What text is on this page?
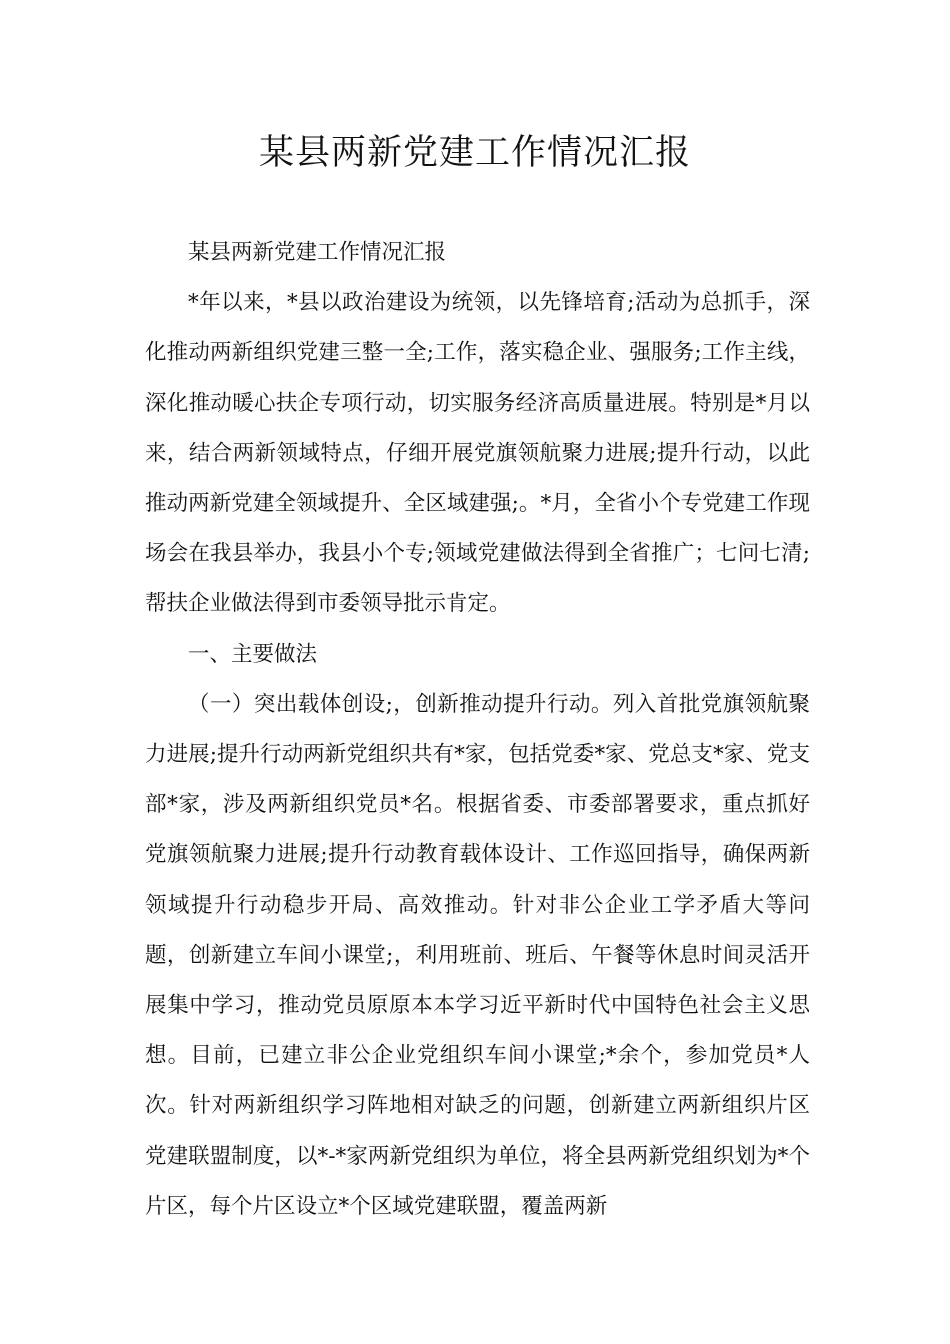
某县两新党建工作情况汇报

某县两新党建工作情况汇报

*年以来，*县以政治建设为统领，以先锋培育;活动为总抓手，深化推动两新组织党建三整一全;工作，落实稳企业、强服务;工作主线，深化推动暖心扶企专项行动，切实服务经济高质量进展。特别是*月以来，结合两新领域特点，仔细开展党旗领航聚力进展;提升行动，以此推动两新党建全领域提升、全区域建强;。*月，全省小个专党建工作现场会在我县举办，我县小个专;领域党建做法得到全省推广；七问七清;帮扶企业做法得到市委领导批示肯定。

一、主要做法

（一）突出载体创设;，创新推动提升行动。列入首批党旗领航聚力进展;提升行动两新党组织共有*家，包括党委*家、党总支*家、党支部*家，涉及两新组织党员*名。根据省委、市委部署要求，重点抓好党旗领航聚力进展;提升行动教育载体设计、工作巡回指导，确保两新领域提升行动稳步开局、高效推动。针对非公企业工学矛盾大等问题，创新建立车间小课堂;，利用班前、班后、午餐等休息时间灵活开展集中学习，推动党员原原本本学习近平新时代中国特色社会主义思想。目前，已建立非公企业党组织车间小课堂;*余个，参加党员*人次。针对两新组织学习阵地相对缺乏的问题，创新建立两新组织片区党建联盟制度，以*-*家两新党组织为单位，将全县两新党组织划为*个片区，每个片区设立*个区域党建联盟，覆盖两新
